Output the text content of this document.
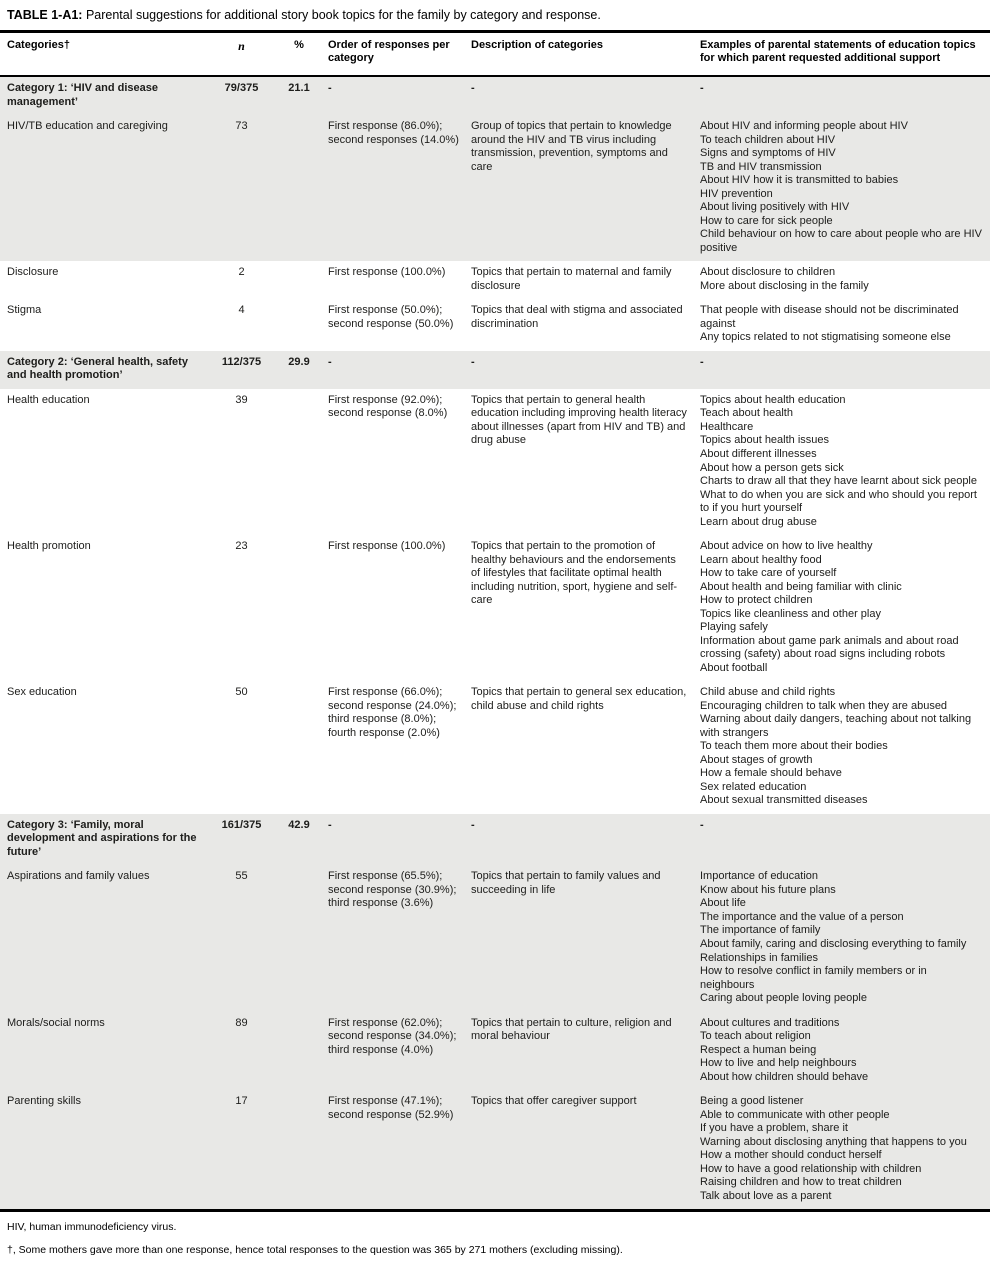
TABLE 1-A1: Parental suggestions for additional story book topics for the family by category and response.
Categories†	n	%	Order of responses per category	Description of categories	Examples of parental statements of education topics for which parent requested additional support
Category 1: ‘HIV and disease management’	79/375	21.1	-	-	-

HIV/TB education and caregiving	73		First response (86.0%); second responses (14.0%)	Group of topics that pertain to knowledge around the HIV and TB virus including transmission, prevention, symptoms and care	
About HIV and informing people about HIV
To teach children about HIV
Signs and symptoms of HIV
TB and HIV transmission
About HIV how it is transmitted to babies
HIV prevention
About living positively with HIV
How to care for sick people
Child behaviour on how to care about people who are HIV positive

Disclosure	2		First response (100.0%)	Topics that pertain to maternal and family disclosure	About disclosure to children
More about disclosing in the family

Stigma	4		First response (50.0%); second response (50.0%)	Topics that deal with stigma and associated discrimination	That people with disease should not be discriminated against
Any topics related to not stigmatising someone else

Category 2: ‘General health, safety and health promotion’	112/375	29.9	-	-	-

Health education	39		First response (92.0%); second response (8.0%)	Topics that pertain to general health education including improving health literacy about illnesses (apart from HIV and TB) and drug abuse	
Topics about health education
Teach about health
Healthcare
Topics about health issues
About different illnesses
About how a person gets sick
Charts to draw all that they have learnt about sick people
What to do when you are sick and who should you report to if you hurt yourself
Learn about drug abuse

Health promotion	23		First response (100.0%)	Topics that pertain to the promotion of healthy behaviours and the endorsements of lifestyles that facilitate optimal health including nutrition, sport, hygiene and self-care	
About advice on how to live healthy
Learn about healthy food
How to take care of yourself
About health and being familiar with clinic
How to protect children
Topics like cleanliness and other play
Playing safely
Information about game park animals and about road crossing (safety) about road signs including robots
About football

Sex education	50		First response (66.0%); second response (24.0%); third response (8.0%); fourth response (2.0%)	Topics that pertain to general sex education, child abuse and child rights	
Child abuse and child rights
Encouraging children to talk when they are abused
Warning about daily dangers, teaching about not talking with strangers
To teach them more about their bodies
About stages of growth
How a female should behave
Sex related education
About sexual transmitted diseases

Category 3: ‘Family, moral development and aspirations for the future’	161/375	42.9	-	-	-

Aspirations and family values	55		First response (65.5%); second response (30.9%); third response (3.6%)	Topics that pertain to family values and succeeding in life	
Importance of education
Know about his future plans
About life
The importance and the value of a person
The importance of family
About family, caring and disclosing everything to family
Relationships in families
How to resolve conflict in family members or in neighbours
Caring about people loving people

Morals/social norms	89		First response (62.0%); second response (34.0%); third response (4.0%)	Topics that pertain to culture, religion and moral behaviour	About cultures and traditions
To teach about religion
Respect a human being
How to live and help neighbours
About how children should behave

Parenting skills	17		First response (47.1%); second response (52.9%)	Topics that offer caregiver support	Being a good listener
Able to communicate with other people
If you have a problem, share it
Warning about disclosing anything that happens to you
How a mother should conduct herself
How to have a good relationship with children
Raising children and how to treat children
Talk about love as a parent
HIV, human immunodeficiency virus.
†, Some mothers gave more than one response, hence total responses to the question was 365 by 271 mothers (excluding missing).
